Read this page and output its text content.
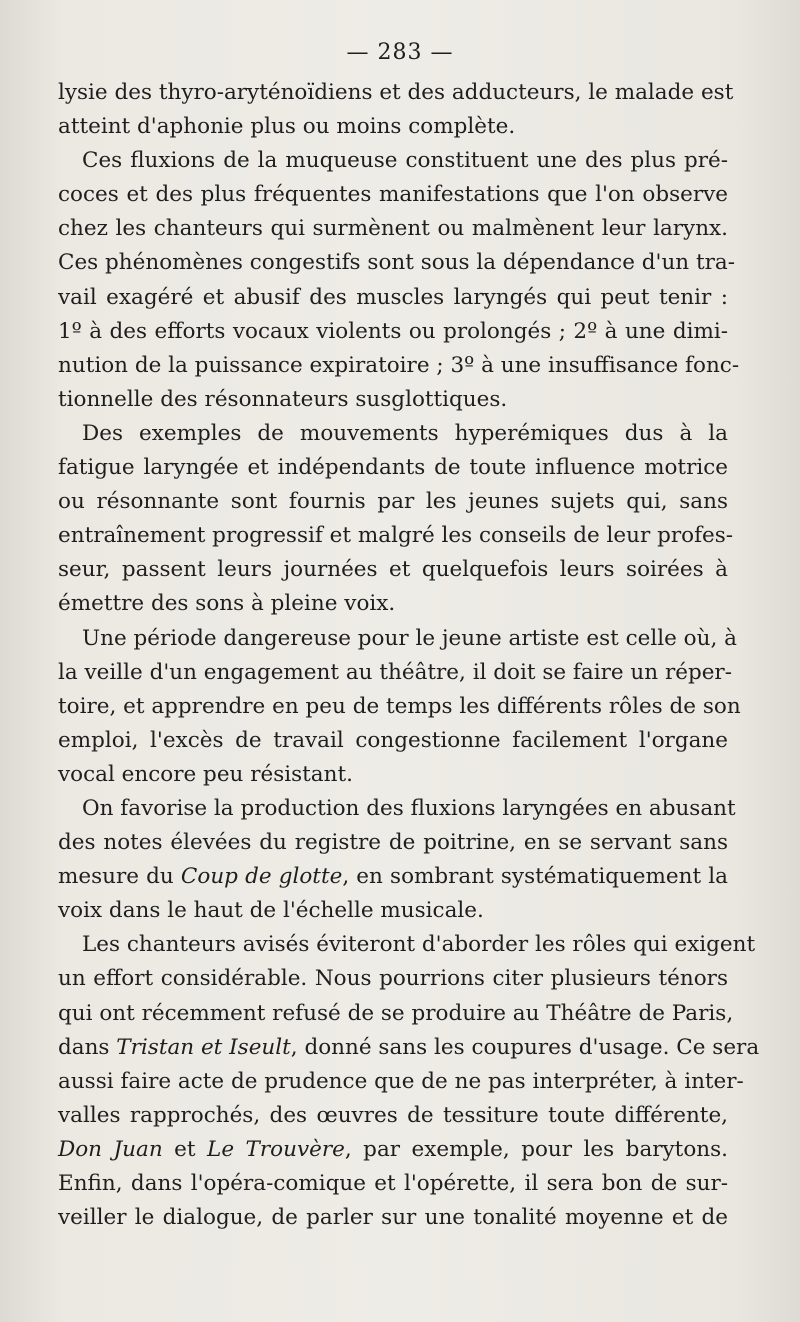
— 283 —
lysie des thyro-aryténoïdiens et des adducteurs, le malade est
atteint d'aphonie plus ou moins complète.
Ces fluxions de la muqueuse constituent une des plus pré-
coces et des plus fréquentes manifestations que l'on observe
chez les chanteurs qui surmènent ou malmènent leur larynx.
Ces phénomènes congestifs sont sous la dépendance d'un tra-
vail exagéré et abusif des muscles laryngés qui peut tenir :
1º à des efforts vocaux violents ou prolongés ; 2º à une dimi-
nution de la puissance expiratoire ; 3º à une insuffisance fonc-
tionnelle des résonnateurs susglottiques.
Des exemples de mouvements hyperémiques dus à la
fatigue laryngée et indépendants de toute influence motrice
ou résonnante sont fournis par les jeunes sujets qui, sans
entraînement progressif et malgré les conseils de leur profes-
seur, passent leurs journées et quelquefois leurs soirées à
émettre des sons à pleine voix.
Une période dangereuse pour le jeune artiste est celle où, à
la veille d'un engagement au théâtre, il doit se faire un réper-
toire, et apprendre en peu de temps les différents rôles de son
emploi, l'excès de travail congestionne facilement l'organe
vocal encore peu résistant.
On favorise la production des fluxions laryngées en abusant
des notes élevées du registre de poitrine, en se servant sans
mesure du Coup de glotte, en sombrant systématiquement la
voix dans le haut de l'échelle musicale.
Les chanteurs avisés éviteront d'aborder les rôles qui exigent
un effort considérable. Nous pourrions citer plusieurs ténors
qui ont récemment refusé de se produire au Théâtre de Paris,
dans Tristan et Iseult, donné sans les coupures d'usage. Ce sera
aussi faire acte de prudence que de ne pas interpréter, à inter-
valles rapprochés, des œuvres de tessiture toute différente,
Don Juan et Le Trouvère, par exemple, pour les barytons.
Enfin, dans l'opéra-comique et l'opérette, il sera bon de sur-
veiller le dialogue, de parler sur une tonalité moyenne et de
